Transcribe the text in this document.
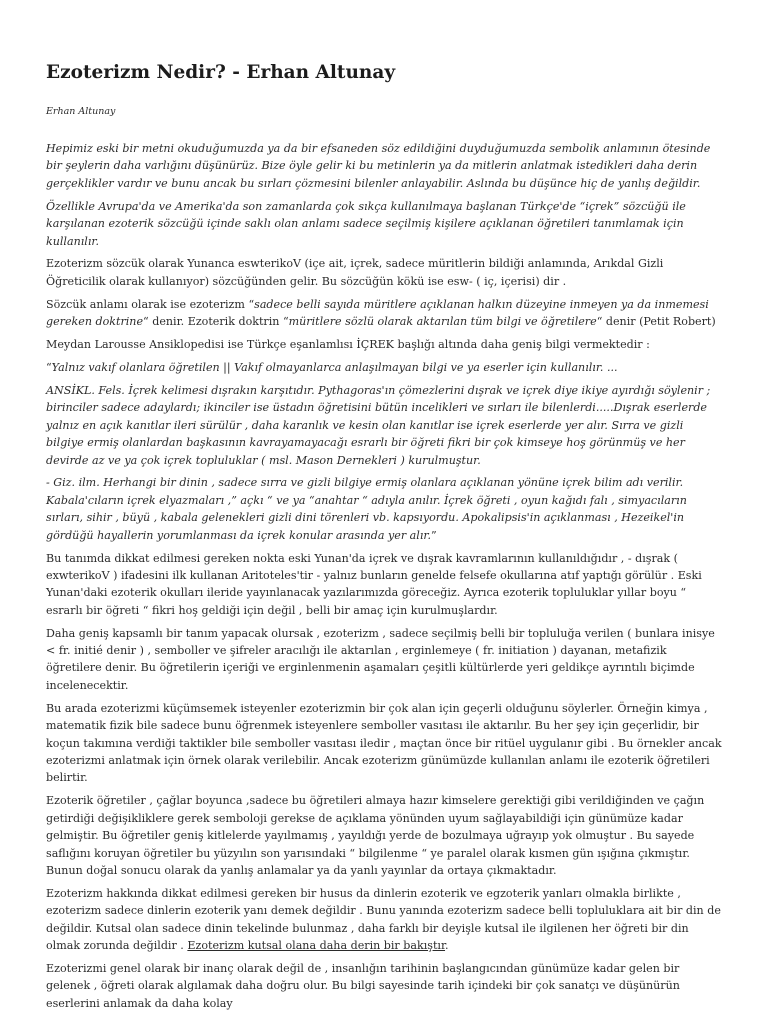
Ezoterizm Nedir? - Erhan Altunay

Erhan Altunay

Hepimiz eski bir metni okuduğumuzda ya da bir efsaneden söz edildiğini duyduğumuzda sembolik anlamının ötesinde bir şeylerin daha varlığını düşünürüz. Bize öyle gelir ki bu metinlerin ya da mitlerin anlatmak istedikleri daha derin gerçeklikler vardır ve bunu ancak bu sırları çözmesini bilenler anlayabilir. Aslında bu düşünce hiç de yanlış değildir.

Özellikle Avrupa'da ve Amerika'da son zamanlarda çok sıkça kullanılmaya başlanan Türkçe'de “içrek” sözcüğü ile karşılanan ezoterik sözcüğü içinde saklı olan anlamı sadece seçilmiş kişilere açıklanan öğretileri tanımlamak için kullanılır.

Ezoterizm sözcük olarak Yunanca eswterikoV (içe ait, içrek, sadece müritlerin bildiği anlamında, Arıkdal Gizli Öğreticilik olarak kullanıyor) sözcüğünden gelir. Bu sözcüğün kökü ise esw- ( iç, içerisi) dir .

Sözcük anlamı olarak ise ezoterizm “sadece belli sayıda müritlere açıklanan halkın düzeyine inmeyen ya da inmemesi gereken doktrine“ denir. Ezoterik doktrin “müritlere sözlü olarak aktarılan tüm bilgi ve öğretilere“ denir (Petit Robert)

Meydan Larousse Ansiklopedisi ise Türkçe eşanlamlısı İÇREK başlığı altında daha geniş bilgi vermektedir :

“Yalnız vakıf olanlara öğretilen || Vakıf olmayanlarca anlaşılmayan bilgi ve ya eserler için kullanılır. ...

ANSİKL. Fels. İçrek kelimesi dışrakın karşıtıdır. Pythagoras'ın çömezlerini dışrak ve içrek diye ikiye ayırdığı söylenir ; birinciler sadece adaylardı; ikinciler ise üstadın öğretisini bütün incelikleri ve sırları ile bilenlerdi.....Dışrak eserlerde yalnız en açık kanıtlar ileri sürülür , daha karanlık ve kesin olan kanıtlar ise içrek eserlerde yer alır. Sırra ve gizli bilgiye ermiş olanlardan başkasının kavrayamayacağı esrarlı bir öğreti fikri bir çok kimseye hoş görünmüş ve her devirde az ve ya çok içrek topluluklar ( msl. Mason Dernekleri ) kurulmuştur.

- Giz. ilm. Herhangi bir dinin , sadece sırra ve gizli bilgiye ermiş olanlara açıklanan yönüne içrek bilim adı verilir. Kabala'cıların içrek elyazmaları ,” açkı “ ve ya “anahtar “ adıyla anılır. İçrek öğreti , oyun kağıdı falı , simyacıların sırları, sihir , büyü , kabala gelenekleri gizli dini törenleri vb. kapsıyordu. Apokalipsis'in açıklanması , Hezeikel'in gördüğü hayallerin yorumlanması da içrek konular arasında yer alır.”

Bu tanımda dikkat edilmesi gereken nokta eski Yunan'da içrek ve dışrak kavramlarının kullanıldığıdır , - dışrak ( exwterikoV ) ifadesini ilk kullanan Aritoteles'tir - yalnız bunların genelde felsefe okullarına atıf yaptığı görülür . Eski Yunan'daki ezoterik okulları ileride yayınlanacak yazılarımızda göreceğiz. Ayrıca ezoterik topluluklar yıllar boyu “ esrarlı bir öğreti “ fikri hoş geldiği için değil , belli bir amaç için kurulmuşlardır.

Daha geniş kapsamlı bir tanım yapacak olursak , ezoterizm , sadece seçilmiş belli bir topluluğa verilen ( bunlara inisye < fr. initié denir ) , semboller ve şifreler aracılığı ile aktarılan , erginlemeye ( fr. initiation ) dayanan, metafizik öğretilere denir. Bu öğretilerin içeriği ve erginlenmenin aşamaları çeşitli kültürlerde yeri geldikçe ayrıntılı biçimde incelenecektir.

Bu arada ezoterizmi küçümsemek isteyenler ezoterizmin bir çok alan için geçerli olduğunu söylerler. Örneğin kimya , matematik fizik bile sadece bunu öğrenmek isteyenlere semboller vasıtası ile aktarılır. Bu her şey için geçerlidir, bir koçun takımına verdiği taktikler bile semboller vasıtası iledir , maçtan önce bir ritüel uygulanır gibi . Bu örnekler ancak ezoterizmi anlatmak için örnek olarak verilebilir. Ancak ezoterizm günümüzde kullanılan anlamı ile ezoterik öğretileri belirtir.

Ezoterik öğretiler , çağlar boyunca ,sadece bu öğretileri almaya hazır kimselere gerektiği gibi verildiğinden ve çağın getirdiği değişikliklere gerek semboloji gerekse de açıklama yönünden uyum sağlayabildiği için günümüze kadar gelmiştir. Bu öğretiler geniş kitlelerde yayılmamış , yayıldığı yerde de bozulmaya uğrayıp yok olmuştur . Bu sayede saflığını koruyan öğretiler bu yüzyılın son yarısındaki “ bilgilenme “ ye paralel olarak kısmen gün ışığına çıkmıştır. Bunun doğal sonucu olarak da yanlış anlamalar ya da yanlı yayınlar da ortaya çıkmaktadır.

Ezoterizm hakkında dikkat edilmesi gereken bir husus da dinlerin ezoterik ve egzoterik yanları olmakla birlikte , ezoterizm sadece dinlerin ezoterik yanı demek değildir . Bunu yanında ezoterizm sadece belli topluluklara ait bir din de değildir. Kutsal olan sadece dinin tekelinde bulunmaz , daha farklı bir deyişle kutsal ile ilgilenen her öğreti bir din olmak zorunda değildir . Ezoterizm kutsal olana daha derin bir bakıştır.

Ezoterizmi genel olarak bir inanç olarak değil de , insanlığın tarihinin başlangıcından günümüze kadar gelen bir gelenek , öğreti olarak algılamak daha doğru olur. Bu bilgi sayesinde tarih içindeki bir çok sanatçı ve düşünürün eserlerini anlamak da daha kolay
